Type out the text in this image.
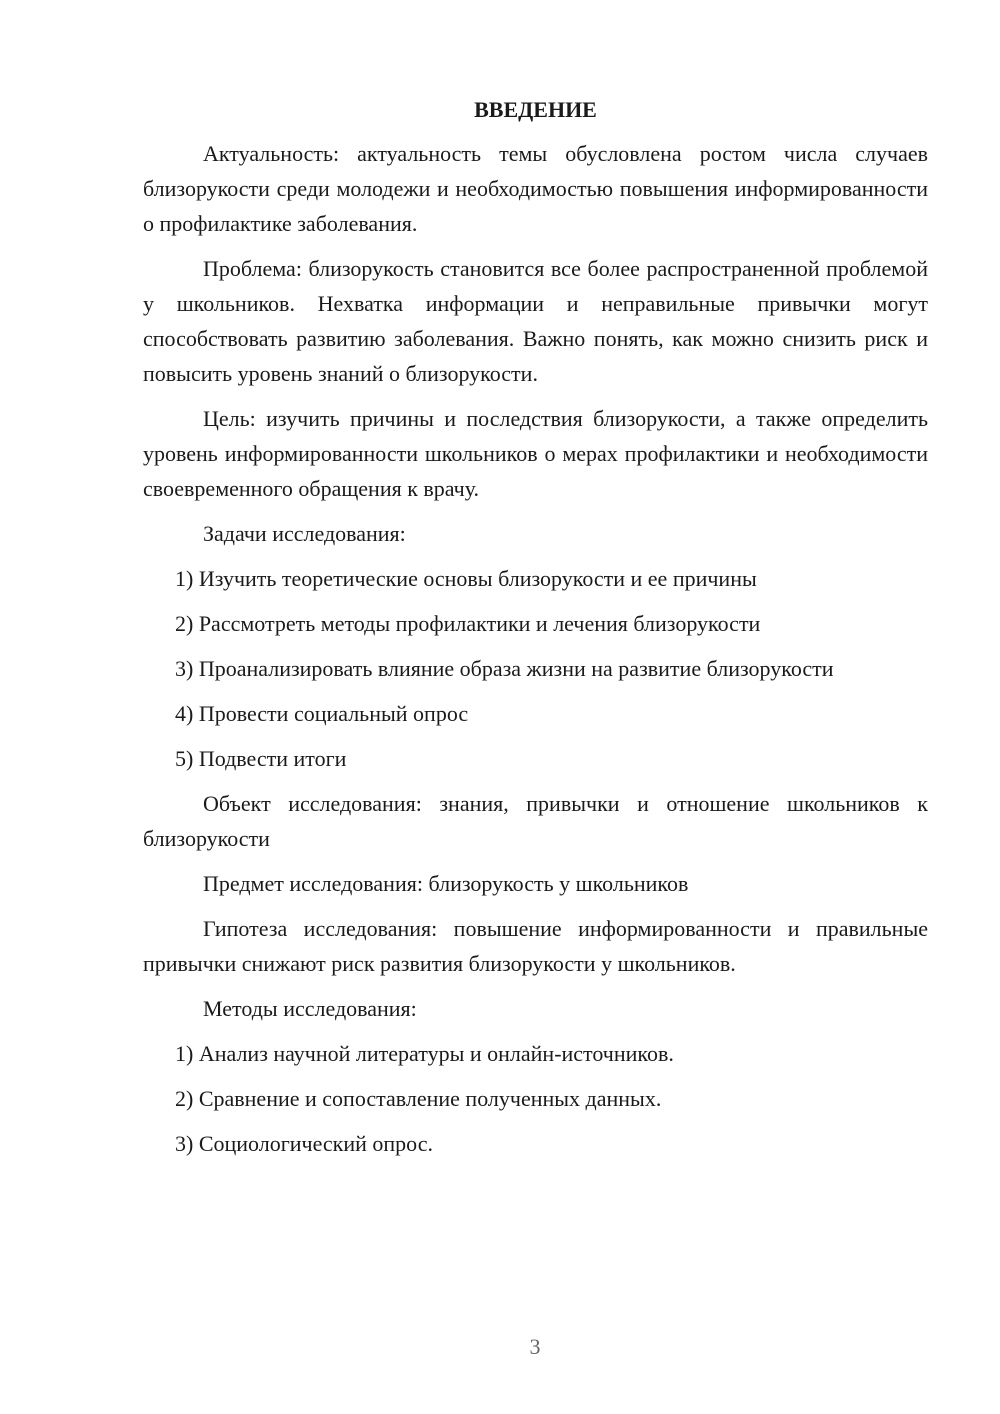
ВВЕДЕНИЕ

Актуальность: актуальность темы обусловлена ростом числа случаев близорукости среди молодежи и необходимостью повышения информированности о профилактике заболевания.

Проблема: близорукость становится все более распространенной проблемой у школьников. Нехватка информации и неправильные привычки могут способствовать развитию заболевания. Важно понять, как можно снизить риск и повысить уровень знаний о близорукости.

Цель: изучить причины и последствия близорукости, а также определить уровень информированности школьников о мерах профилактики и необходимости своевременного обращения к врачу.

Задачи исследования:

1) Изучить теоретические основы близорукости и ее причины
2) Рассмотреть методы профилактики и лечения близорукости
3) Проанализировать влияние образа жизни на развитие близорукости
4) Провести социальный опрос
5) Подвести итоги

Объект исследования: знания, привычки и отношение школьников к близорукости

Предмет исследования: близорукость у школьников

Гипотеза исследования: повышение информированности и правильные привычки снижают риск развития близорукости у школьников.

Методы исследования:

1) Анализ научной литературы и онлайн-источников.
2) Сравнение и сопоставление полученных данных.
3) Социологический опрос.
3
